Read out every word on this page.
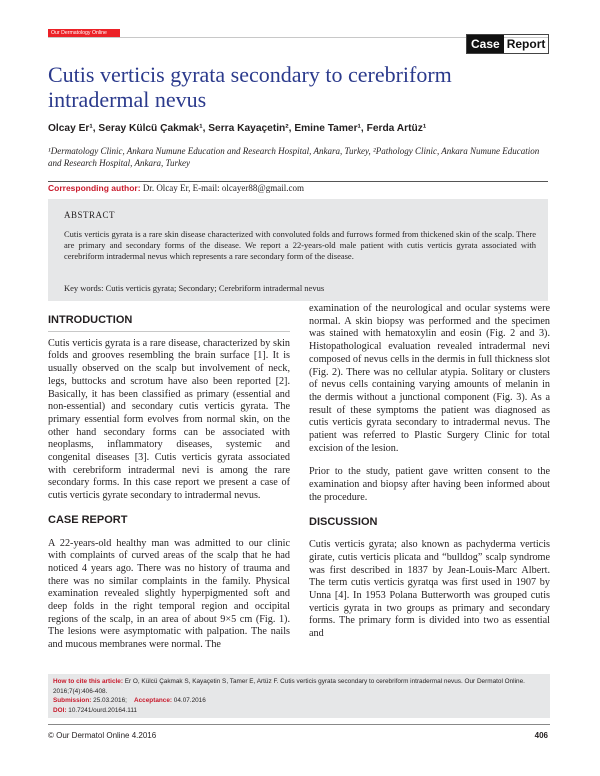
Our Dermatology Online
Case Report
Cutis verticis gyrata secondary to cerebriform intradermal nevus
Olcay Er¹, Seray Külcü Çakmak¹, Serra Kayaçetin², Emine Tamer¹, Ferda Artüz¹
¹Dermatology Clinic, Ankara Numune Education and Research Hospital, Ankara, Turkey, ²Pathology Clinic, Ankara Numune Education and Research Hospital, Ankara, Turkey
Corresponding author: Dr. Olcay Er, E-mail: olcayer88@gmail.com
ABSTRACT
Cutis verticis gyrata is a rare skin disease characterized with convoluted folds and furrows formed from thickened skin of the scalp. There are primary and secondary forms of the disease. We report a 22-years-old male patient with cutis verticis gyrata associated with cerebriform intradermal nevus which represents a rare secondary form of the disease.
Key words: Cutis verticis gyrata; Secondary; Cerebriform intradermal nevus
INTRODUCTION

Cutis verticis gyrata is a rare disease, characterized by skin folds and grooves resembling the brain surface [1]. It is usually observed on the scalp but involvement of neck, legs, buttocks and scrotum have also been reported [2]. Basically, it has been classified as primary (essential and non-essential) and secondary cutis verticis gyrata. The primary essential form evolves from normal skin, on the other hand secondary forms can be associated with neoplasms, inflammatory diseases, systemic and congenital diseases [3]. Cutis verticis gyrata associated with cerebriform intradermal nevi is among the rare secondary forms. In this case report we present a case of cutis verticis gyrate secondary to intradermal nevus.

CASE REPORT

A 22-years-old healthy man was admitted to our clinic with complaints of curved areas of the scalp that he had noticed 4 years ago. There was no history of trauma and there was no similar complaints in the family. Physical examination revealed slightly hyperpigmented soft and deep folds in the right temporal region and occipital regions of the scalp, in an area of about 9×5 cm (Fig. 1). The lesions were asymptomatic with palpation. The nails and mucous membranes were normal. The

examination of the neurological and ocular systems were normal. A skin biopsy was performed and the specimen was stained with hematoxylin and eosin (Fig. 2 and 3). Histopathological evaluation revealed intradermal nevi composed of nevus cells in the dermis in full thickness slot (Fig. 2). There was no cellular atypia. Solitary or clusters of nevus cells containing varying amounts of melanin in the dermis without a junctional component (Fig. 3). As a result of these symptoms the patient was diagnosed as cutis verticis gyrata secondary to intradermal nevus. The patient was referred to Plastic Surgery Clinic for total excision of the lesion.

Prior to the study, patient gave written consent to the examination and biopsy after having been informed about the procedure.

DISCUSSION

Cutis verticis gyrata; also known as pachyderma verticis girate, cutis verticis plicata and “bulldog” scalp syndrome was first described in 1837 by Jean-Louis-Marc Albert. The term cutis verticis gyratqa was first used in 1907 by Unna [4]. In 1953 Polana Butterworth was grouped cutis verticis gyrata in two groups as primary and secondary forms. The primary form is divided into two as essential and

How to cite this article: Er O, Külcü Çakmak S, Kayaçetin S, Tamer E, Artüz F. Cutis verticis gyrata secondary to cerebriform intradermal nevus. Our Dermatol Online. 2016;7(4):406-408.
Submission: 25.03.2016; Acceptance: 04.07.2016
DOI: 10.7241/ourd.20164.111
© Our Dermatol Online 4.2016	406
